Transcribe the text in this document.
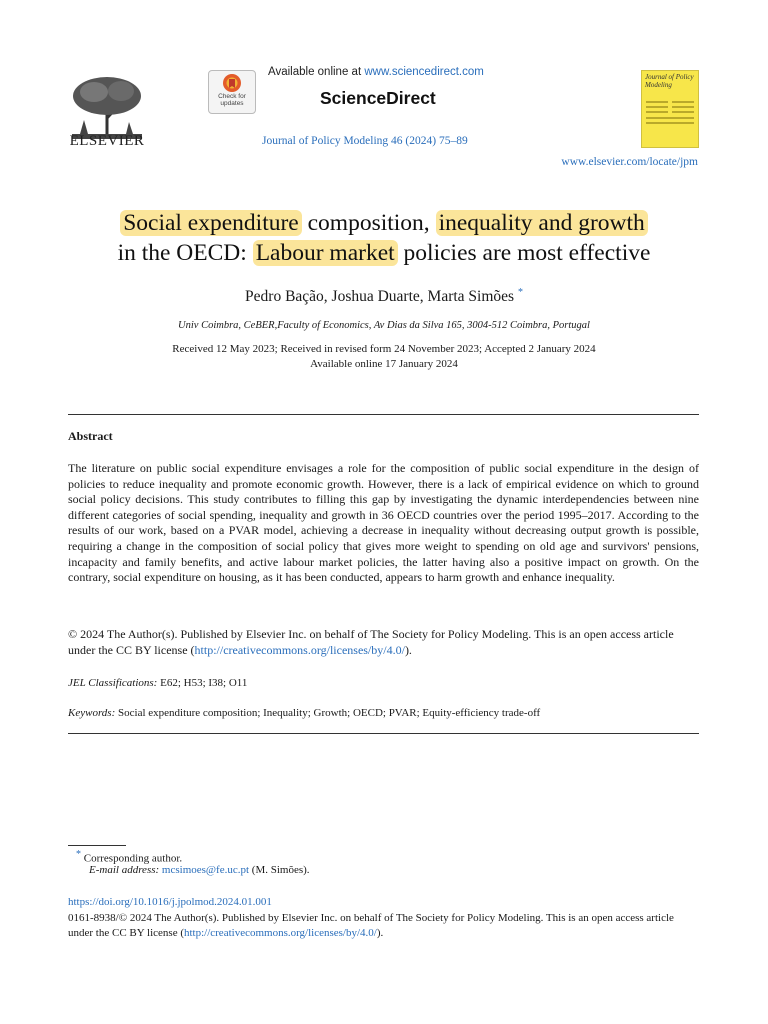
ELSEVIER
Check for updates
Available online at www.sciencedirect.com
ScienceDirect
Journal of Policy Modeling 46 (2024) 75–89
Journal of Policy Modeling
www.elsevier.com/locate/jpm
Social expenditure composition, inequality and growth
in the OECD: Labour market policies are most effective
Pedro Bação, Joshua Duarte, Marta Simões *
Univ Coimbra, CeBER,Faculty of Economics, Av Dias da Silva 165, 3004-512 Coimbra, Portugal
Received 12 May 2023; Received in revised form 24 November 2023; Accepted 2 January 2024
Available online 17 January 2024
Abstract
The literature on public social expenditure envisages a role for the composition of public social expenditure in the design of policies to reduce inequality and promote economic growth. However, there is a lack of empirical evidence on which to ground social policy decisions. This study contributes to filling this gap by investigating the dynamic interdependencies between nine different categories of social spending, inequality and growth in 36 OECD countries over the period 1995–2017. According to the results of our work, based on a PVAR model, achieving a decrease in inequality without decreasing output growth is possible, requiring a change in the composition of social policy that gives more weight to spending on old age and survivors' pensions, incapacity and family benefits, and active labour market policies, the latter having also a positive impact on growth. On the contrary, social expenditure on housing, as it has been conducted, appears to harm growth and enhance inequality.
© 2024 The Author(s). Published by Elsevier Inc. on behalf of The Society for Policy Modeling. This is an open access article under the CC BY license (http://creativecommons.org/licenses/by/4.0/).
JEL Classifications: E62; H53; I38; O11
Keywords: Social expenditure composition; Inequality; Growth; OECD; PVAR; Equity-efficiency trade-off
* Corresponding author.
E-mail address: mcsimoes@fe.uc.pt (M. Simões).
https://doi.org/10.1016/j.jpolmod.2024.01.001
0161-8938/© 2024 The Author(s). Published by Elsevier Inc. on behalf of The Society for Policy Modeling. This is an open access article under the CC BY license (http://creativecommons.org/licenses/by/4.0/).
